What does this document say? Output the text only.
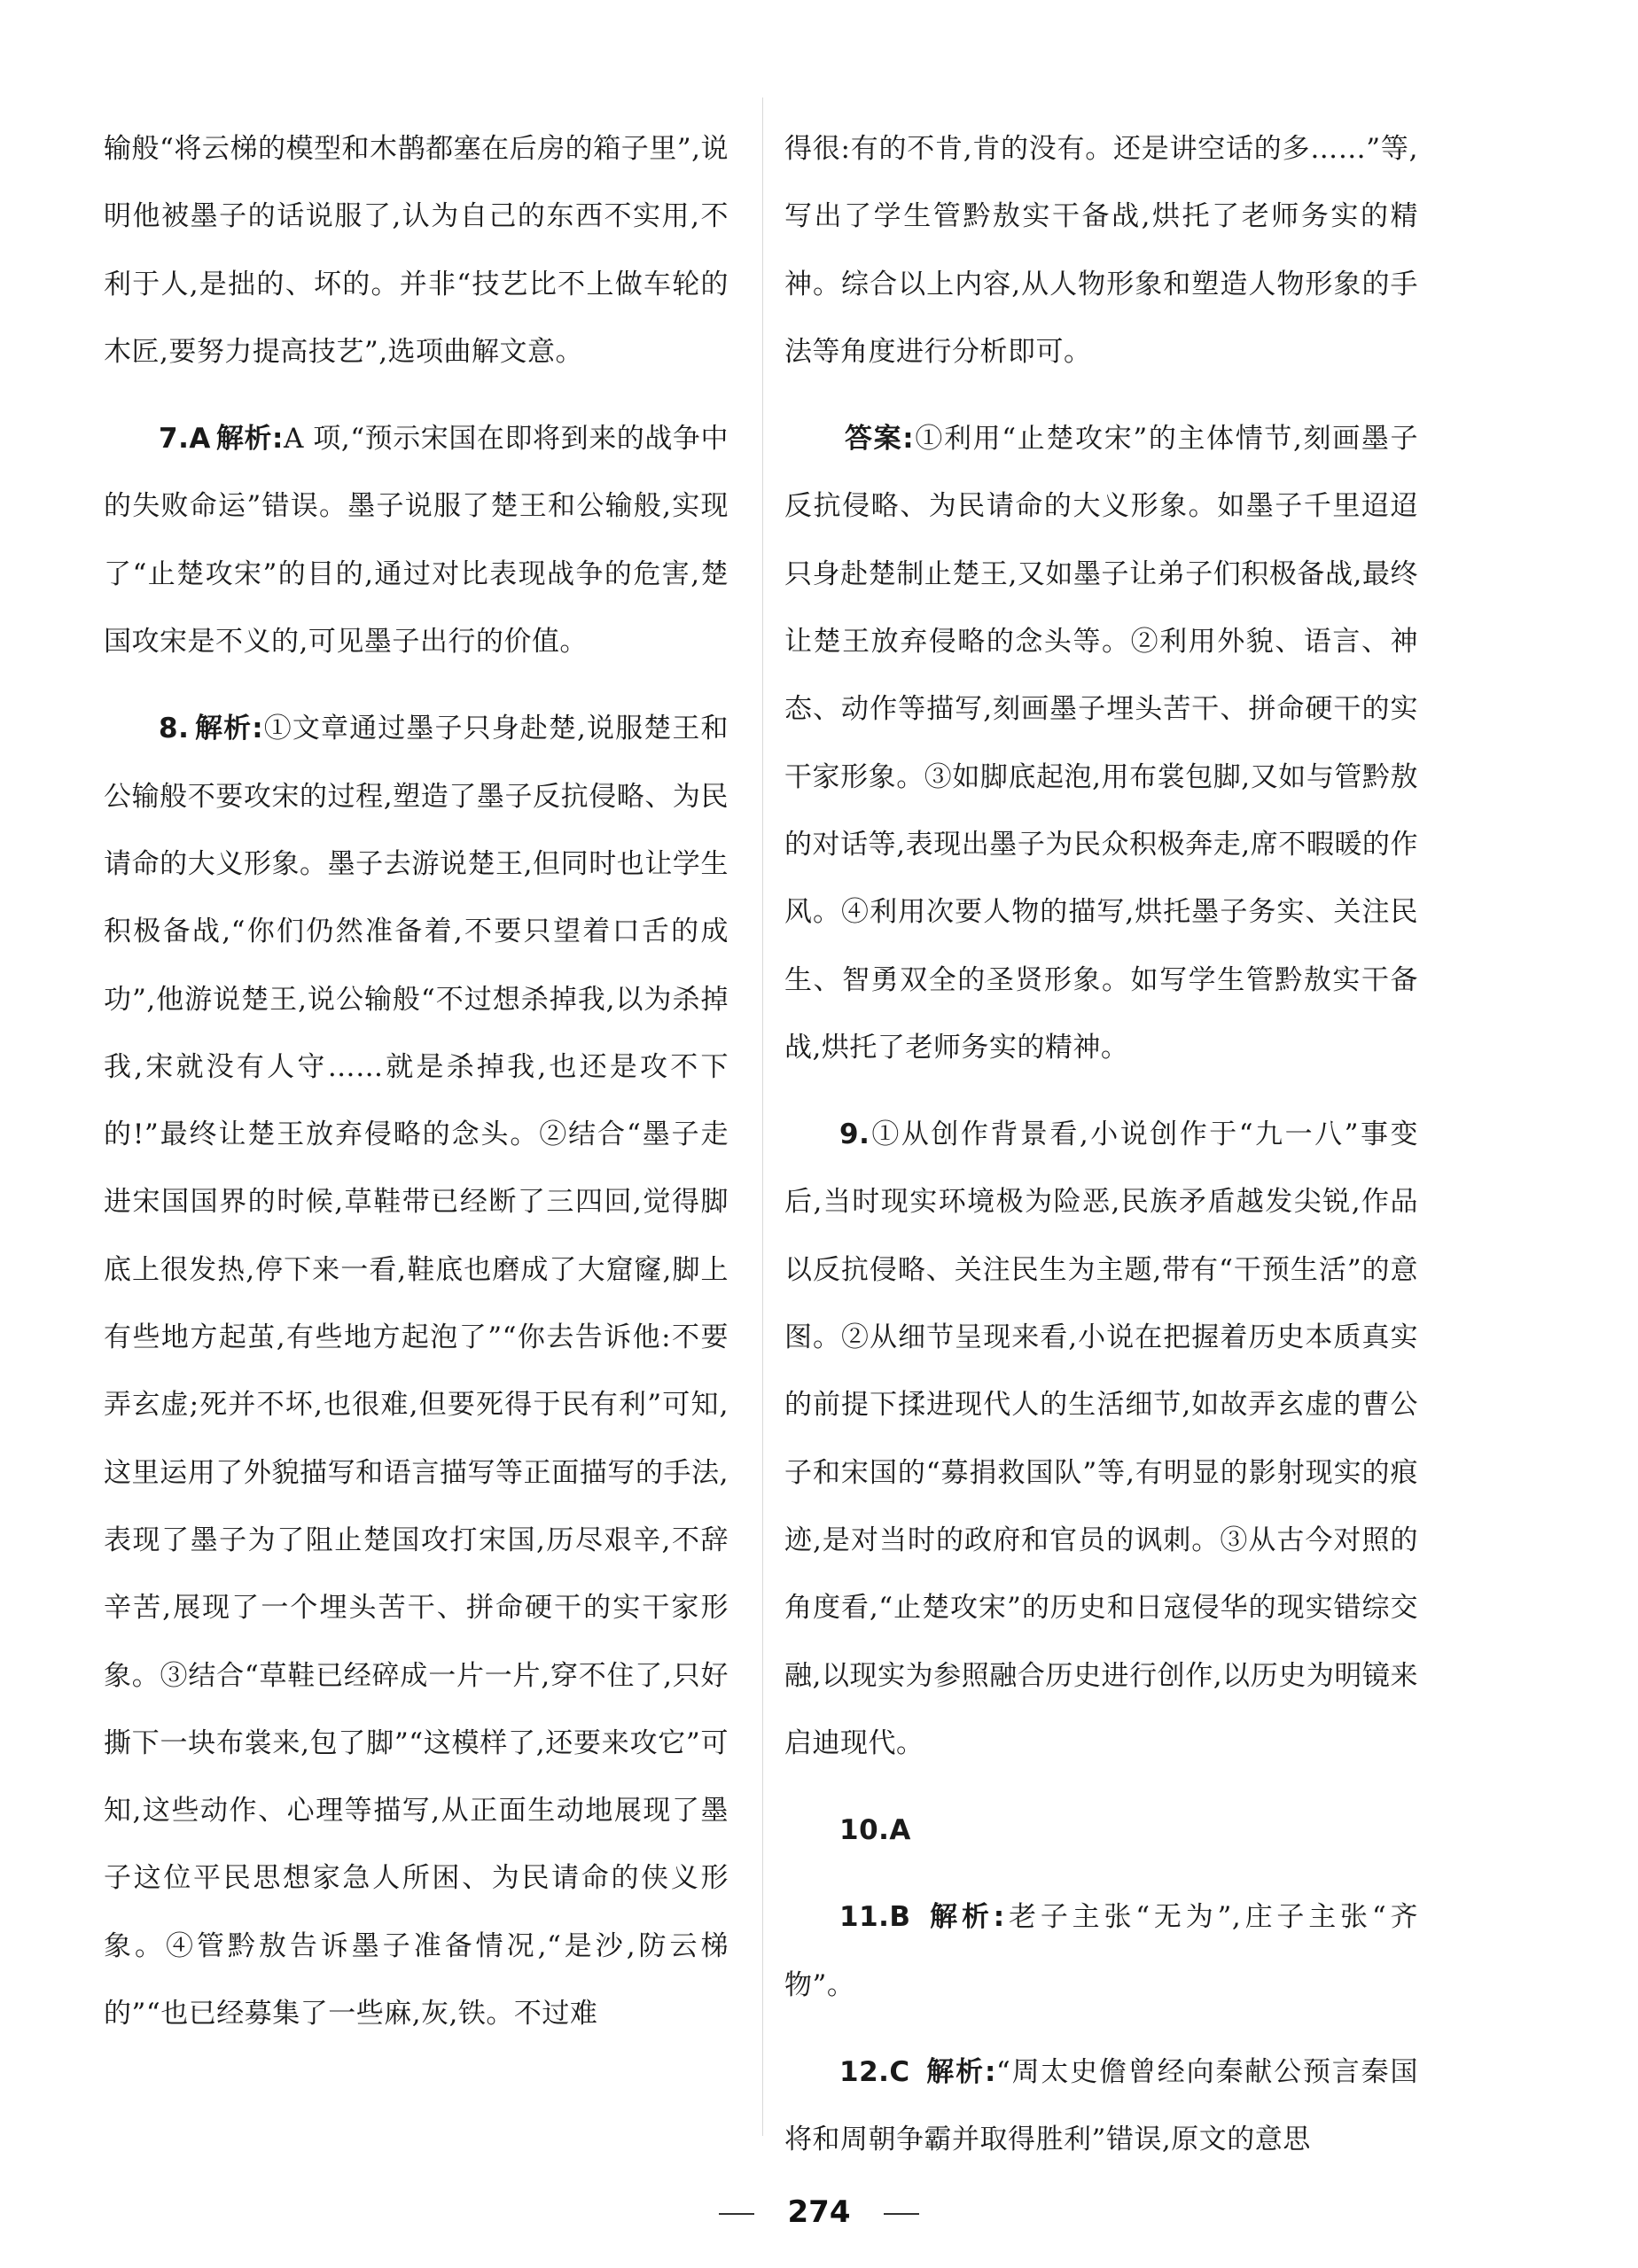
输般“将云梯的模型和木鹊都塞在后房的箱子里”,说明他被墨子的话说服了,认为自己的东西不实用,不利于人,是拙的、坏的。并非“技艺比不上做车轮的木匠,要努力提高技艺”,选项曲解文意。

7.A 解析:A 项,“预示宋国在即将到来的战争中的失败命运”错误。墨子说服了楚王和公输般,实现了“止楚攻宋”的目的,通过对比表现战争的危害,楚国攻宋是不义的,可见墨子出行的价值。

8. 解析:①文章通过墨子只身赴楚,说服楚王和公输般不要攻宋的过程,塑造了墨子反抗侵略、为民请命的大义形象。墨子去游说楚王,但同时也让学生积极备战,“你们仍然准备着,不要只望着口舌的成功”,他游说楚王,说公输般“不过想杀掉我,以为杀掉我,宋就没有人守……就是杀掉我,也还是攻不下的!”最终让楚王放弃侵略的念头。②结合“墨子走进宋国国界的时候,草鞋带已经断了三四回,觉得脚底上很发热,停下来一看,鞋底也磨成了大窟窿,脚上有些地方起茧,有些地方起泡了”“你去告诉他:不要弄玄虚;死并不坏,也很难,但要死得于民有利”可知,这里运用了外貌描写和语言描写等正面描写的手法,表现了墨子为了阻止楚国攻打宋国,历尽艰辛,不辞辛苦,展现了一个埋头苦干、拼命硬干的实干家形象。③结合“草鞋已经碎成一片一片,穿不住了,只好撕下一块布裳来,包了脚”“这模样了,还要来攻它”可知,这些动作、心理等描写,从正面生动地展现了墨子这位平民思想家急人所困、为民请命的侠义形象。④管黔敖告诉墨子准备情况,“是沙,防云梯的”“也已经募集了一些麻,灰,铁。不过难

得很:有的不肯,肯的没有。还是讲空话的多……”等,写出了学生管黔敖实干备战,烘托了老师务实的精神。综合以上内容,从人物形象和塑造人物形象的手法等角度进行分析即可。

答案:①利用“止楚攻宋”的主体情节,刻画墨子反抗侵略、为民请命的大义形象。如墨子千里迢迢只身赴楚制止楚王,又如墨子让弟子们积极备战,最终让楚王放弃侵略的念头等。②利用外貌、语言、神态、动作等描写,刻画墨子埋头苦干、拼命硬干的实干家形象。③如脚底起泡,用布裳包脚,又如与管黔敖的对话等,表现出墨子为民众积极奔走,席不暇暖的作风。④利用次要人物的描写,烘托墨子务实、关注民生、智勇双全的圣贤形象。如写学生管黔敖实干备战,烘托了老师务实的精神。

9.①从创作背景看,小说创作于“九一八”事变后,当时现实环境极为险恶,民族矛盾越发尖锐,作品以反抗侵略、关注民生为主题,带有“干预生活”的意图。②从细节呈现来看,小说在把握着历史本质真实的前提下揉进现代人的生活细节,如故弄玄虚的曹公子和宋国的“募捐救国队”等,有明显的影射现实的痕迹,是对当时的政府和官员的讽刺。③从古今对照的角度看,“止楚攻宋”的历史和日寇侵华的现实错综交融,以现实为参照融合历史进行创作,以历史为明镜来启迪现代。

10.A

11.B 解析:老子主张“无为”,庄子主张“齐物”。

12.C 解析:“周太史儋曾经向秦献公预言秦国将和周朝争霸并取得胜利”错误,原文的意思

274
